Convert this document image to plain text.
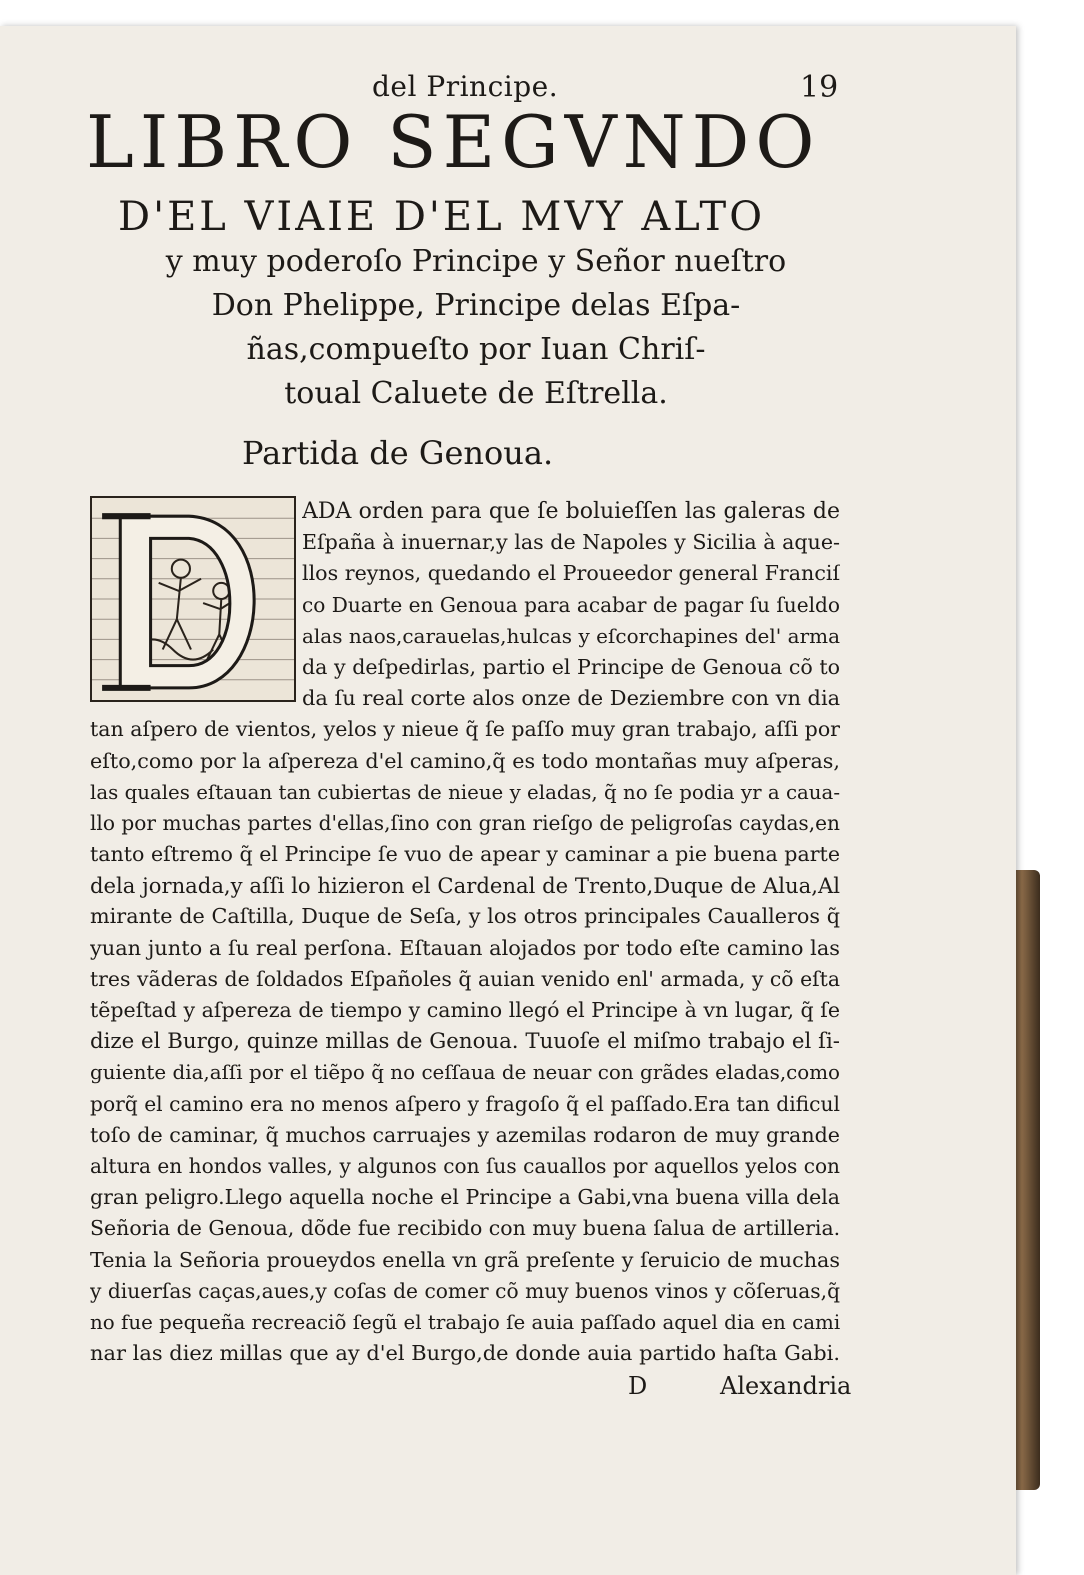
del Principe.	19
LIBRO SEGVNDO
D'EL VIAIE D'EL MVY ALTO
y muy poderoſo Principe y Señor nueſtro
Don Phelippe, Principe delas Eſpa-
ñas,compueſto por Iuan Chriſ-
toual Caluete de Eſtrella.
Partida de Genoua.
ADA orden para que ſe boluieſſen las galeras de
Eſpaña à inuernar,y las de Napoles y Sicilia à aque-
llos reynos, quedando el Proueedor general Franciſ
co Duarte en Genoua para acabar de pagar ſu ſueldo
alas naos,carauelas,hulcas y eſcorchapines del' arma
da y deſpedirlas, partio el Principe de Genoua cõ to
da ſu real corte alos onze de Deziembre con vn dia
tan aſpero de vientos, yelos y nieue q̃ ſe paſſo muy gran trabajo, aſſi por
eſto,como por la aſpereza d'el camino,q̃ es todo montañas muy aſperas,
las quales eſtauan tan cubiertas de nieue y eladas, q̃ no ſe podia yr a caua-
llo por muchas partes d'ellas,ſino con gran rieſgo de peligroſas caydas,en
tanto eſtremo q̃ el Principe ſe vuo de apear y caminar a pie buena parte
dela jornada,y aſſi lo hizieron el Cardenal de Trento,Duque de Alua,Al
mirante de Caſtilla, Duque de Seſa, y los otros principales Caualleros q̃
yuan junto a ſu real perſona. Eſtauan alojados por todo eſte camino las
tres vãderas de ſoldados Eſpañoles q̃ auian venido enl' armada, y cõ eſta
tẽpeſtad y aſpereza de tiempo y camino llegó el Principe à vn lugar, q̃ ſe
dize el Burgo, quinze millas de Genoua. Tuuoſe el miſmo trabajo el ſi-
guiente dia,aſſi por el tiẽpo q̃ no ceſſaua de neuar con grãdes eladas,como
porq̃ el camino era no menos aſpero y fragoſo q̃ el paſſado.Era tan dificul
toſo de caminar, q̃ muchos carruajes y azemilas rodaron de muy grande
altura en hondos valles, y algunos con ſus cauallos por aquellos yelos con
gran peligro.Llego aquella noche el Principe a Gabi,vna buena villa dela
Señoria de Genoua, dõde fue recibido con muy buena ſalua de artilleria.
Tenia la Señoria proueydos enella vn grã preſente y ſeruicio de muchas
y diuerſas caças,aues,y coſas de comer cõ muy buenos vinos y cõſeruas,q̃
no fue pequeña recreaciõ ſegũ el trabajo ſe auia paſſado aquel dia en cami
nar las diez millas que ay d'el Burgo,de donde auia partido haſta Gabi.
D	Alexandria
